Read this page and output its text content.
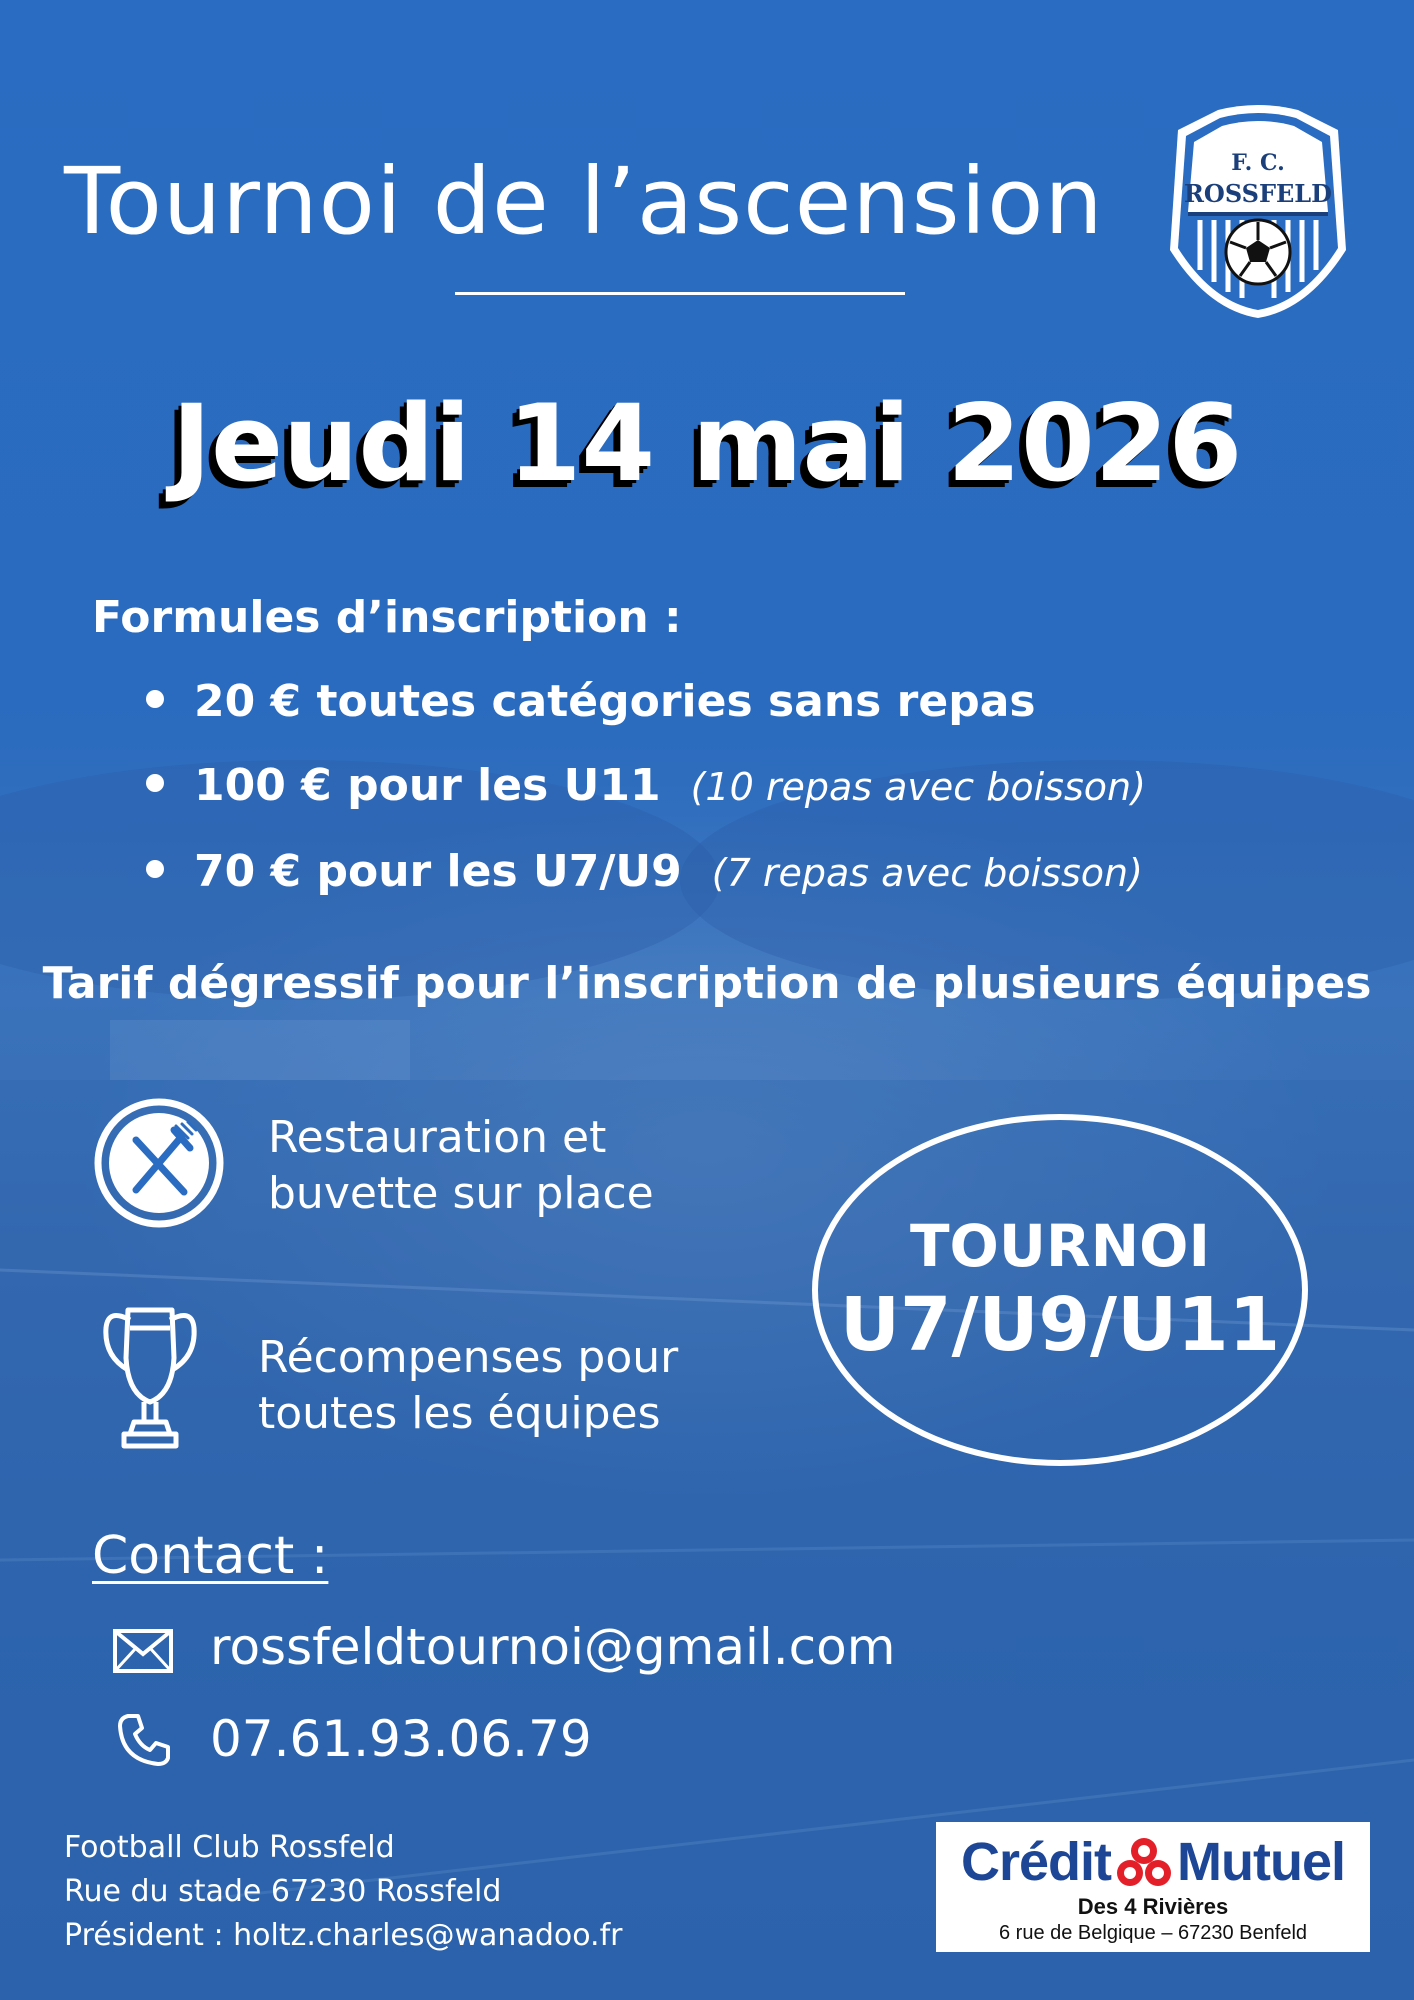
Tournoi de l’ascension	F. C.
ROSSFELD
Jeudi 14 mai 2026
Formules d’inscription :
20 € toutes catégories sans repas
100 € pour les U11 (10 repas avec boisson)
70 € pour les U7/U9 (7 repas avec boisson)
Tarif dégressif pour l’inscription de plusieurs équipes
Restauration et
buvette sur place
Récompenses pour
toutes les équipes
TOURNOI
U7/U9/U11
Contact :
rossfeldtournoi@gmail.com
07.61.93.06.79
Football Club Rossfeld
Rue du stade 67230 Rossfeld
Président : holtz.charles@wanadoo.fr
Crédit Mutuel
Des 4 Rivières
6 rue de Belgique – 67230 Benfeld
